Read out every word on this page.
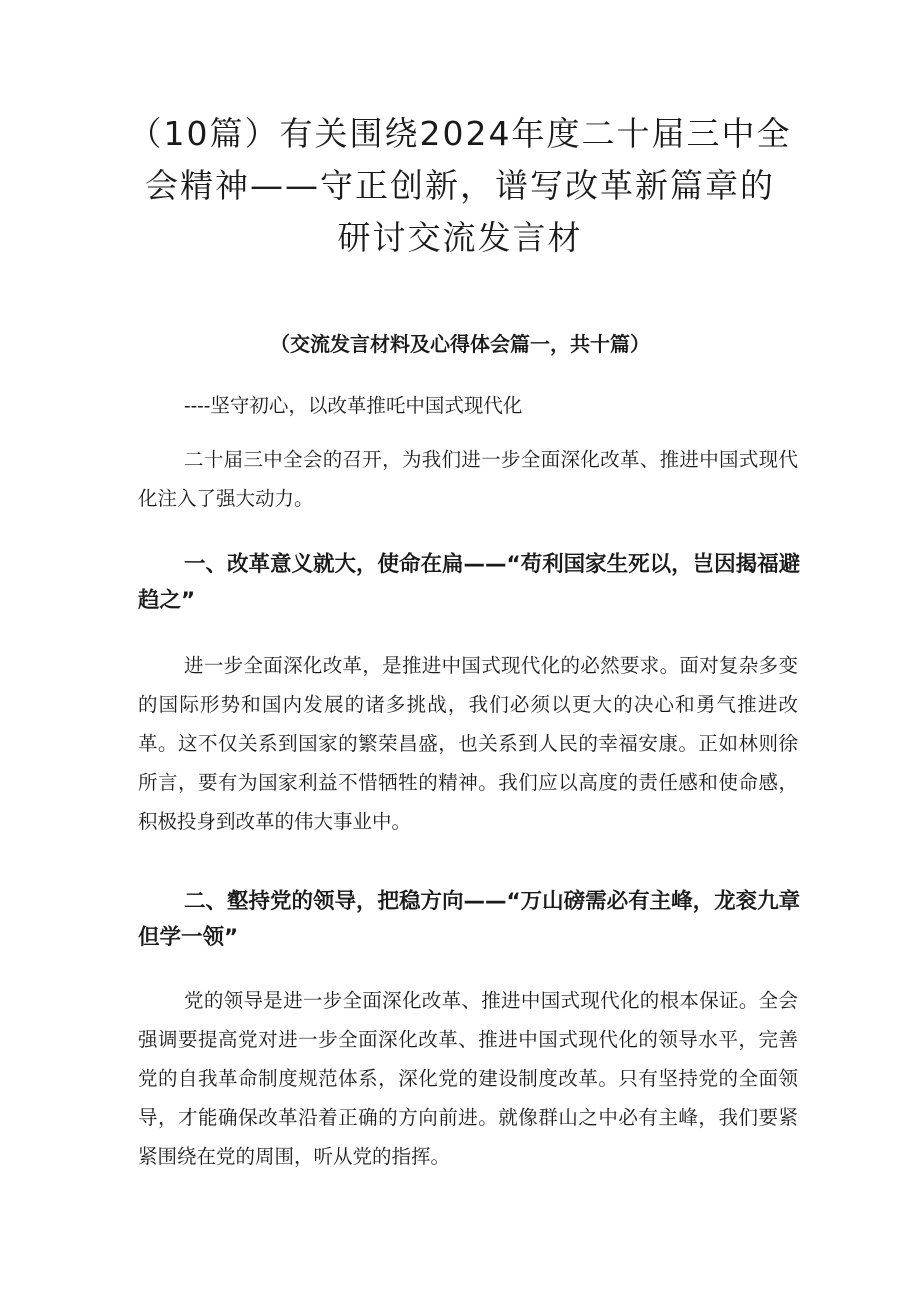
（10篇）有关围绕2024年度二十届三中全
会精神——守正创新，谱写改革新篇章的
研讨交流发言材

（交流发言材料及心得体会篇一，共十篇）

----坚守初心，以改革推吒中国式现代化

二十届三中全会的召开，为我们进一步全面深化改革、推进中国式现代化注入了强大动力。

一、改革意义就大，使命在扁——“苟利国家生死以，岂因揭福避趋之”

进一步全面深化改革，是推进中国式现代化的必然要求。面对复杂多变的国际形势和国内发展的诸多挑战，我们必须以更大的决心和勇气推进改革。这不仅关系到国家的繁荣昌盛，也关系到人民的幸福安康。正如林则徐所言，要有为国家利益不惜牺牲的精神。我们应以高度的责任感和使命感，积极投身到改革的伟大事业中。

二、壑持党的领导，把稳方向——“万山磅需必有主峰，龙衮九章但学一领”

党的领导是进一步全面深化改革、推进中国式现代化的根本保证。全会强调要提高党对进一步全面深化改革、推进中国式现代化的领导水平，完善党的自我革命制度规范体系，深化党的建设制度改革。只有坚持党的全面领导，才能确保改革沿着正确的方向前进。就像群山之中必有主峰，我们要紧紧围绕在党的周围，听从党的指挥。
